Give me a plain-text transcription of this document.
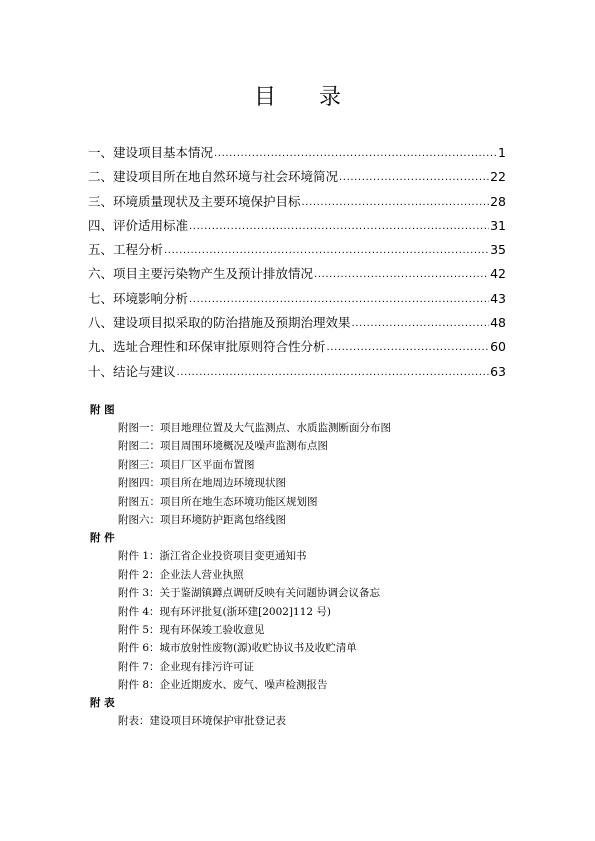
目 录
一、建设项目基本情况 .....	1
二、建设项目所在地自然环境与社会环境简况 .....	22
三、环境质量现状及主要环境保护目标 .....	28
四、评价适用标准 .....	31
五、工程分析 .....	35
六、项目主要污染物产生及预计排放情况 .....	42
七、环境影响分析 .....	43
八、建设项目拟采取的防治措施及预期治理效果 .....	48
九、选址合理性和环保审批原则符合性分析 .....	60
十、结论与建议 .....	63
附 图
附图一：项目地理位置及大气监测点、水质监测断面分布图
附图二：项目周围环境概况及噪声监测布点图
附图三：项目厂区平面布置图
附图四：项目所在地周边环境现状图
附图五：项目所在地生态环境功能区规划图
附图六：项目环境防护距离包络线图
附 件
附件 1：浙江省企业投资项目变更通知书
附件 2：企业法人营业执照
附件 3：关于鉴湖镇蹲点调研反映有关问题协调会议备忘
附件 4：现有环评批复(浙环建[2002]112 号)
附件 5：现有环保竣工验收意见
附件 6：城市放射性废物(源)收贮协议书及收贮清单
附件 7：企业现有排污许可证
附件 8：企业近期废水、废气、噪声检测报告
附 表
附表：建设项目环境保护审批登记表
